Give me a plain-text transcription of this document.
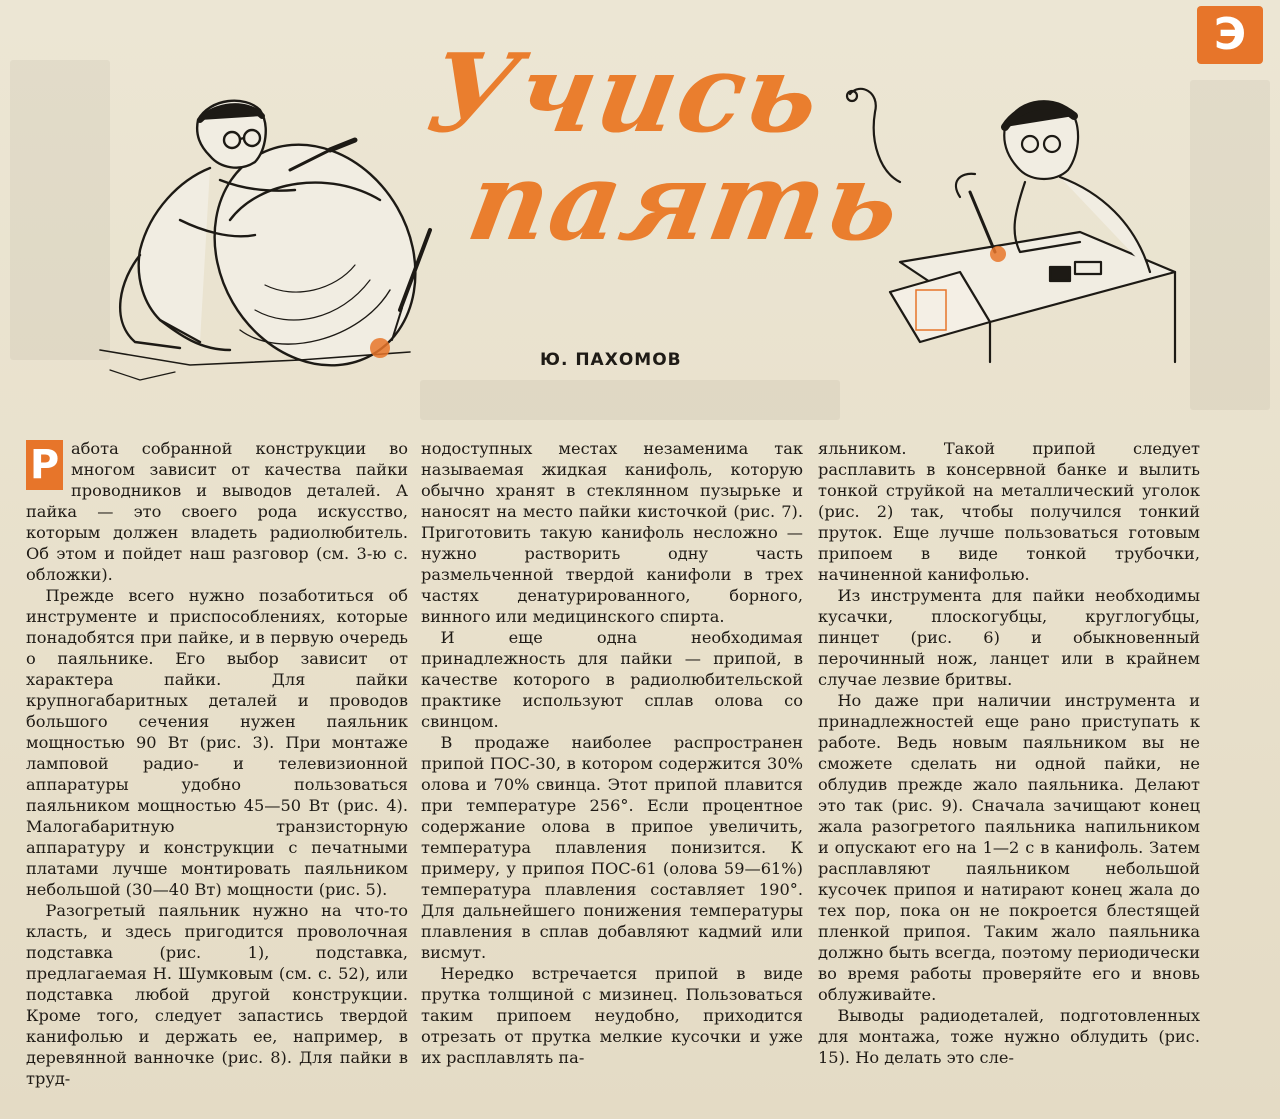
Э
Учись
паять
Ю. ПАХОМОВ
Р абота собранной конструкции во многом зависит от качества пайки проводников и выводов деталей. А пайка — это своего рода искусство, которым должен владеть радиолюбитель. Об этом и пойдет наш разговор (см. 3-ю с. обложки).

Прежде всего нужно позаботиться об инструменте и приспособлениях, которые понадобятся при пайке, и в первую очередь о паяльнике. Его выбор зависит от характера пайки. Для пайки крупногабаритных деталей и проводов большого сечения нужен паяльник мощностью 90 Вт (рис. 3). При монтаже ламповой радио- и телевизионной аппаратуры удобно пользоваться паяльником мощностью 45—50 Вт (рис. 4). Малогабаритную транзисторную аппаратуру и конструкции с печатными платами лучше монтировать паяльником небольшой (30—40 Вт) мощности (рис. 5).

Разогретый паяльник нужно на что-то класть, и здесь пригодится проволочная подставка (рис. 1), подставка, предлагаемая Н. Шумковым (см. с. 52), или подставка любой другой конструкции. Кроме того, следует запастись твердой канифолью и держать ее, например, в деревянной ванночке (рис. 8). Для пайки в труд-

нодоступных местах незаменима так называемая жидкая канифоль, которую обычно хранят в стеклянном пузырьке и наносят на место пайки кисточкой (рис. 7). Приготовить такую канифоль несложно — нужно растворить одну часть размельченной твердой канифоли в трех частях денатурированного, борного, винного или медицинского спирта.

И еще одна необходимая принадлежность для пайки — припой, в качестве которого в радиолюбительской практике используют сплав олова со свинцом.

В продаже наиболее распространен припой ПОС-30, в котором содержится 30% олова и 70% свинца. Этот припой плавится при температуре 256°. Если процентное содержание олова в припое увеличить, температура плавления понизится. К примеру, у припоя ПОС-61 (олова 59—61%) температура плавления составляет 190°. Для дальнейшего понижения температуры плавления в сплав добавляют кадмий или висмут.

Нередко встречается припой в виде прутка толщиной с мизинец. Пользоваться таким припоем неудобно, приходится отрезать от прутка мелкие кусочки и уже их расплавлять па-

яльником. Такой припой следует расплавить в консервной банке и вылить тонкой струйкой на металлический уголок (рис. 2) так, чтобы получился тонкий пруток. Еще лучше пользоваться готовым припоем в виде тонкой трубочки, начиненной канифолью.

Из инструмента для пайки необходимы кусачки, плоскогубцы, круглогубцы, пинцет (рис. 6) и обыкновенный перочинный нож, ланцет или в крайнем случае лезвие бритвы.

Но даже при наличии инструмента и принадлежностей еще рано приступать к работе. Ведь новым паяльником вы не сможете сделать ни одной пайки, не облудив прежде жало паяльника. Делают это так (рис. 9). Сначала зачищают конец жала разогретого паяльника напильником и опускают его на 1—2 с в канифоль. Затем расплавляют паяльником небольшой кусочек припоя и натирают конец жала до тех пор, пока он не покроется блестящей пленкой припоя. Таким жало паяльника должно быть всегда, поэтому периодически во время работы проверяйте его и вновь облуживайте.

Выводы радиодеталей, подготовленных для монтажа, тоже нужно облудить (рис. 15). Но делать это сле-
